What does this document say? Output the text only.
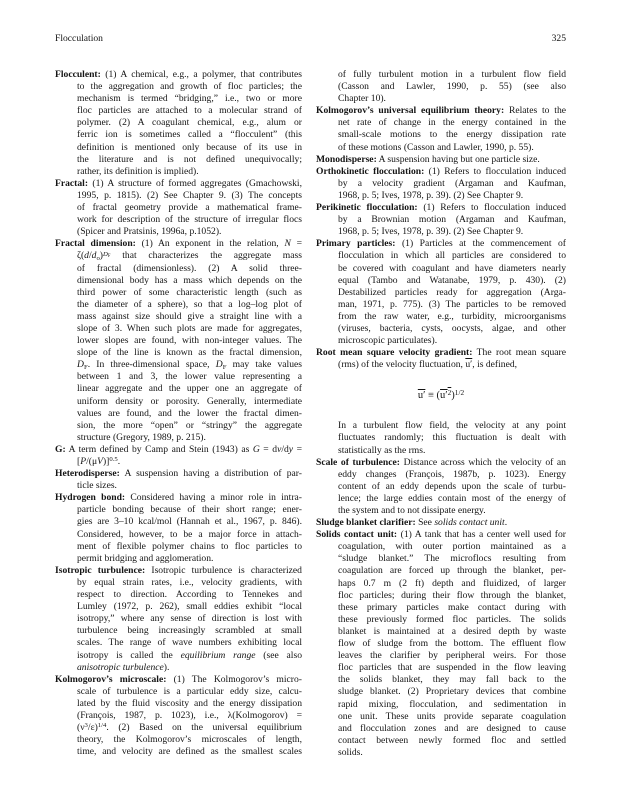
Flocculation	325
Flocculent: (1) A chemical, e.g., a polymer, that contributes
to the aggregation and growth of floc particles; the
mechanism is termed “bridging,” i.e., two or more
floc particles are attached to a molecular strand of
polymer. (2) A coagulant chemical, e.g., alum or
ferric ion is sometimes called a “flocculent” (this
definition is mentioned only because of its use in
the literature and is not defined unequivocally;
rather, its definition is implied).
Fractal: (1) A structure of formed aggregates (Gmachowski,
1995, p. 1815). (2) See Chapter 9. (3) The concepts
of fractal geometry provide a mathematical frame-
work for description of the structure of irregular flocs
(Spicer and Pratsinis, 1996a, p.1052).
Fractal dimension: (1) An exponent in the relation, N =
$\zeta(d/do)^{DF}$ that characterizes the aggregate mass
of fractal (dimensionless). (2) A solid three-
dimensional body has a mass which depends on the
third power of some characteristic length (such as
the diameter of a sphere), so that a log–log plot of
mass against size should give a straight line with a
slope of 3. When such plots are made for aggregates,
lower slopes are found, with non-integer values. The
slope of the line is known as the fractal dimension,
DF. In three-dimensional space, DF may take values
between 1 and 3, the lower value representing a
linear aggregate and the upper one an aggregate of
uniform density or porosity. Generally, intermediate
values are found, and the lower the fractal dimen-
sion, the more “open” or “stringy” the aggregate
structure (Gregory, 1989, p. 215).
G: A term defined by Camp and Stein (1943) as G = dv/dy =
$[P/(\mu V)]^{0.5}$.
Heterodisperse: A suspension having a distribution of par-
ticle sizes.
Hydrogen bond: Considered having a minor role in intra-
particle bonding because of their short range; ener-
gies are 3–10 kcal/mol (Hannah et al., 1967, p. 846).
Considered, however, to be a major force in attach-
ment of flexible polymer chains to floc particles to
permit bridging and agglomeration.
Isotropic turbulence: Isotropic turbulence is characterized
by equal strain rates, i.e., velocity gradients, with
respect to direction. According to Tennekes and
Lumley (1972, p. 262), small eddies exhibit “local
isotropy,” where any sense of direction is lost with
turbulence being increasingly scrambled at small
scales. The range of wave numbers exhibiting local
isotropy is called the equilibrium range (see also
anisotropic turbulence).
Kolmogorov’s microscale: (1) The Kolmogorov’s micro-
scale of turbulence is a particular eddy size, calcu-
lated by the fluid viscosity and the energy dissipation
(François, 1987, p. 1023), i.e., λ(Kolmogorov) =
$(\nu^3/\varepsilon)^{1/4}$. (2) Based on the universal equilibrium
theory, the Kolmogorov’s microscales of length,
time, and velocity are defined as the smallest scales
of fully turbulent motion in a turbulent flow field
(Casson and Lawler, 1990, p. 55) (see also
Chapter 10).
Kolmogorov’s universal equilibrium theory: Relates to the
net rate of change in the energy contained in the
small-scale motions to the energy dissipation rate
of these motions (Casson and Lawler, 1990, p. 55).
Monodisperse: A suspension having but one particle size.
Orthokinetic flocculation: (1) Refers to flocculation induced
by a velocity gradient (Argaman and Kaufman,
1968, p. 5; Ives, 1978, p. 39). (2) See Chapter 9.
Perikinetic flocculation: (1) Refers to flocculation induced
by a Brownian motion (Argaman and Kaufman,
1968, p. 5; Ives, 1978, p. 39). (2) See Chapter 9.
Primary particles: (1) Particles at the commencement of
flocculation in which all particles are considered to
be covered with coagulant and have diameters nearly
equal (Tambo and Watanabe, 1979, p. 430). (2)
Destabilized particles ready for aggregation (Arga-
man, 1971, p. 775). (3) The particles to be removed
from the raw water, e.g., turbidity, microorganisms
(viruses, bacteria, cysts, oocysts, algae, and other
microscopic particulates).
Root mean square velocity gradient: The root mean square
(rms) of the velocity fluctuation, u′, is defined,
$u' \equiv (u'^2)^{1/2}$
In a turbulent flow field, the velocity at any point
fluctuates randomly; this fluctuation is dealt with
statistically as the rms.
Scale of turbulence: Distance across which the velocity of an
eddy changes (François, 1987b, p. 1023). Energy
content of an eddy depends upon the scale of turbu-
lence; the large eddies contain most of the energy of
the system and to not dissipate energy.
Sludge blanket clarifier: See solids contact unit.
Solids contact unit: (1) A tank that has a center well used for
coagulation, with outer portion maintained as a
“sludge blanket.” The microflocs resulting from
coagulation are forced up through the blanket, per-
haps 0.7 m (2 ft) depth and fluidized, of larger
floc particles; during their flow through the blanket,
these primary particles make contact during with
these previously formed floc particles. The solids
blanket is maintained at a desired depth by waste
flow of sludge from the bottom. The effluent flow
leaves the clarifier by peripheral weirs. For those
floc particles that are suspended in the flow leaving
the solids blanket, they may fall back to the
sludge blanket. (2) Proprietary devices that combine
rapid mixing, flocculation, and sedimentation in
one unit. These units provide separate coagulation
and flocculation zones and are designed to cause
contact between newly formed floc and settled
solids.
